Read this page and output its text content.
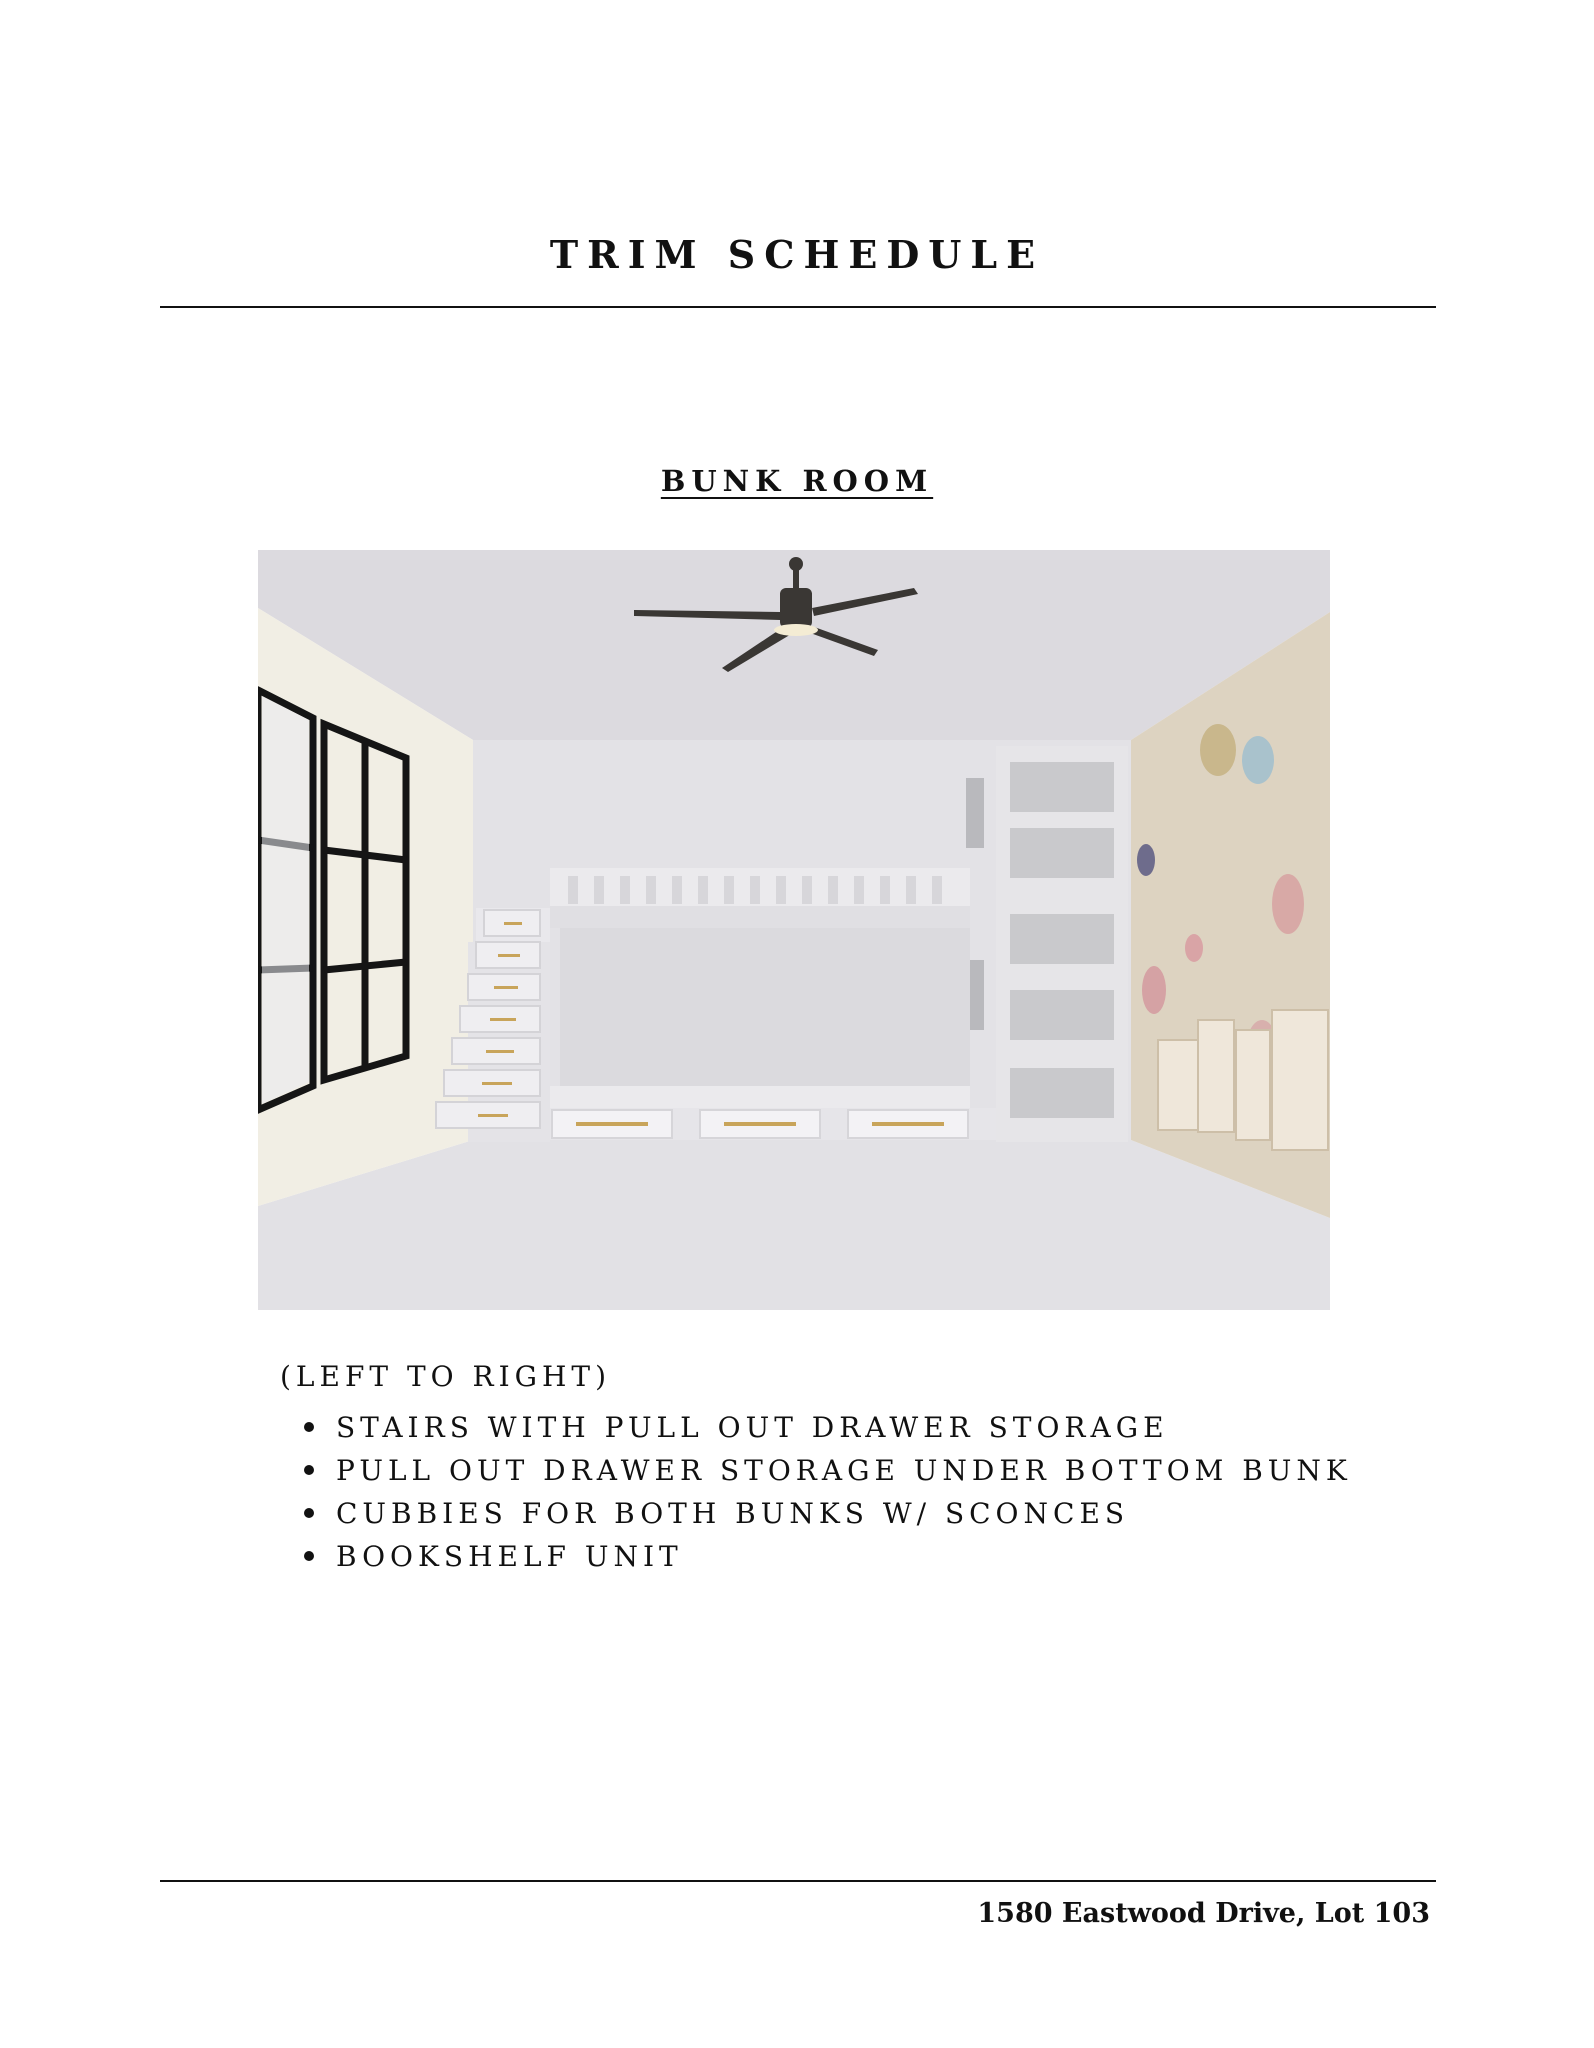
TRIM SCHEDULE
BUNK ROOM
(LEFT TO RIGHT)
STAIRS WITH PULL OUT DRAWER STORAGE
PULL OUT DRAWER STORAGE UNDER BOTTOM BUNK
CUBBIES FOR BOTH BUNKS W/ SCONCES
BOOKSHELF UNIT
1580 Eastwood Drive, Lot 103
